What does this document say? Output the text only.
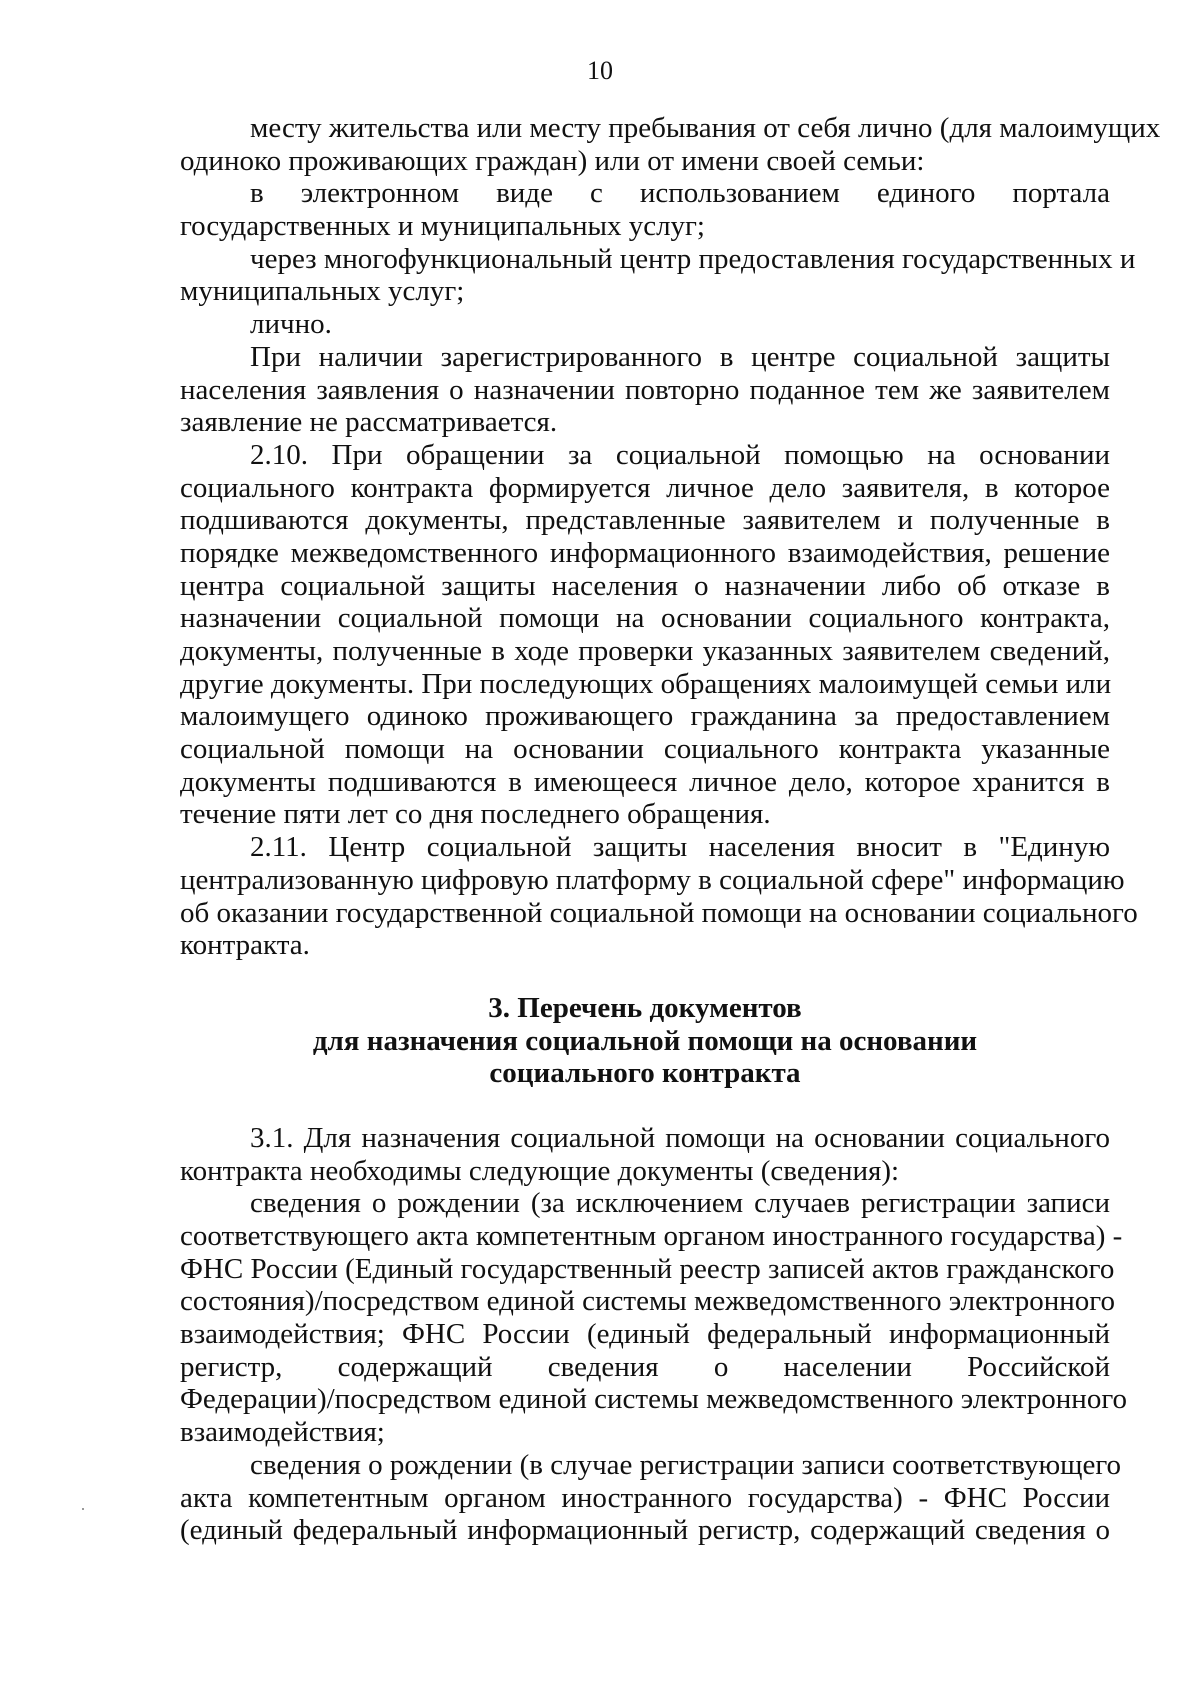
10
месту жительства или месту пребывания от себя лично (для малоимущих
одиноко проживающих граждан) или от имени своей семьи:
в электронном виде с использованием единого портала
государственных и муниципальных услуг;
через многофункциональный центр предоставления государственных и
муниципальных услуг;
лично.
При наличии зарегистрированного в центре социальной защиты
населения заявления о назначении повторно поданное тем же заявителем
заявление не рассматривается.
2.10. При обращении за социальной помощью на основании
социального контракта формируется личное дело заявителя, в которое
подшиваются документы, представленные заявителем и полученные в
порядке межведомственного информационного взаимодействия, решение
центра социальной защиты населения о назначении либо об отказе в
назначении социальной помощи на основании социального контракта,
документы, полученные в ходе проверки указанных заявителем сведений,
другие документы. При последующих обращениях малоимущей семьи или
малоимущего одиноко проживающего гражданина за предоставлением
социальной помощи на основании социального контракта указанные
документы подшиваются в имеющееся личное дело, которое хранится в
течение пяти лет со дня последнего обращения.
2.11. Центр социальной защиты населения вносит в "Единую
централизованную цифровую платформу в социальной сфере" информацию
об оказании государственной социальной помощи на основании социального
контракта.
3. Перечень документов
для назначения социальной помощи на основании
социального контракта
3.1. Для назначения социальной помощи на основании социального
контракта необходимы следующие документы (сведения):
сведения о рождении (за исключением случаев регистрации записи
соответствующего акта компетентным органом иностранного государства) -
ФНС России (Единый государственный реестр записей актов гражданского
состояния)/посредством единой системы межведомственного электронного
взаимодействия; ФНС России (единый федеральный информационный
регистр, содержащий сведения о населении Российской
Федерации)/посредством единой системы межведомственного электронного
взаимодействия;
сведения о рождении (в случае регистрации записи соответствующего
акта компетентным органом иностранного государства) - ФНС России
(единый федеральный информационный регистр, содержащий сведения о
